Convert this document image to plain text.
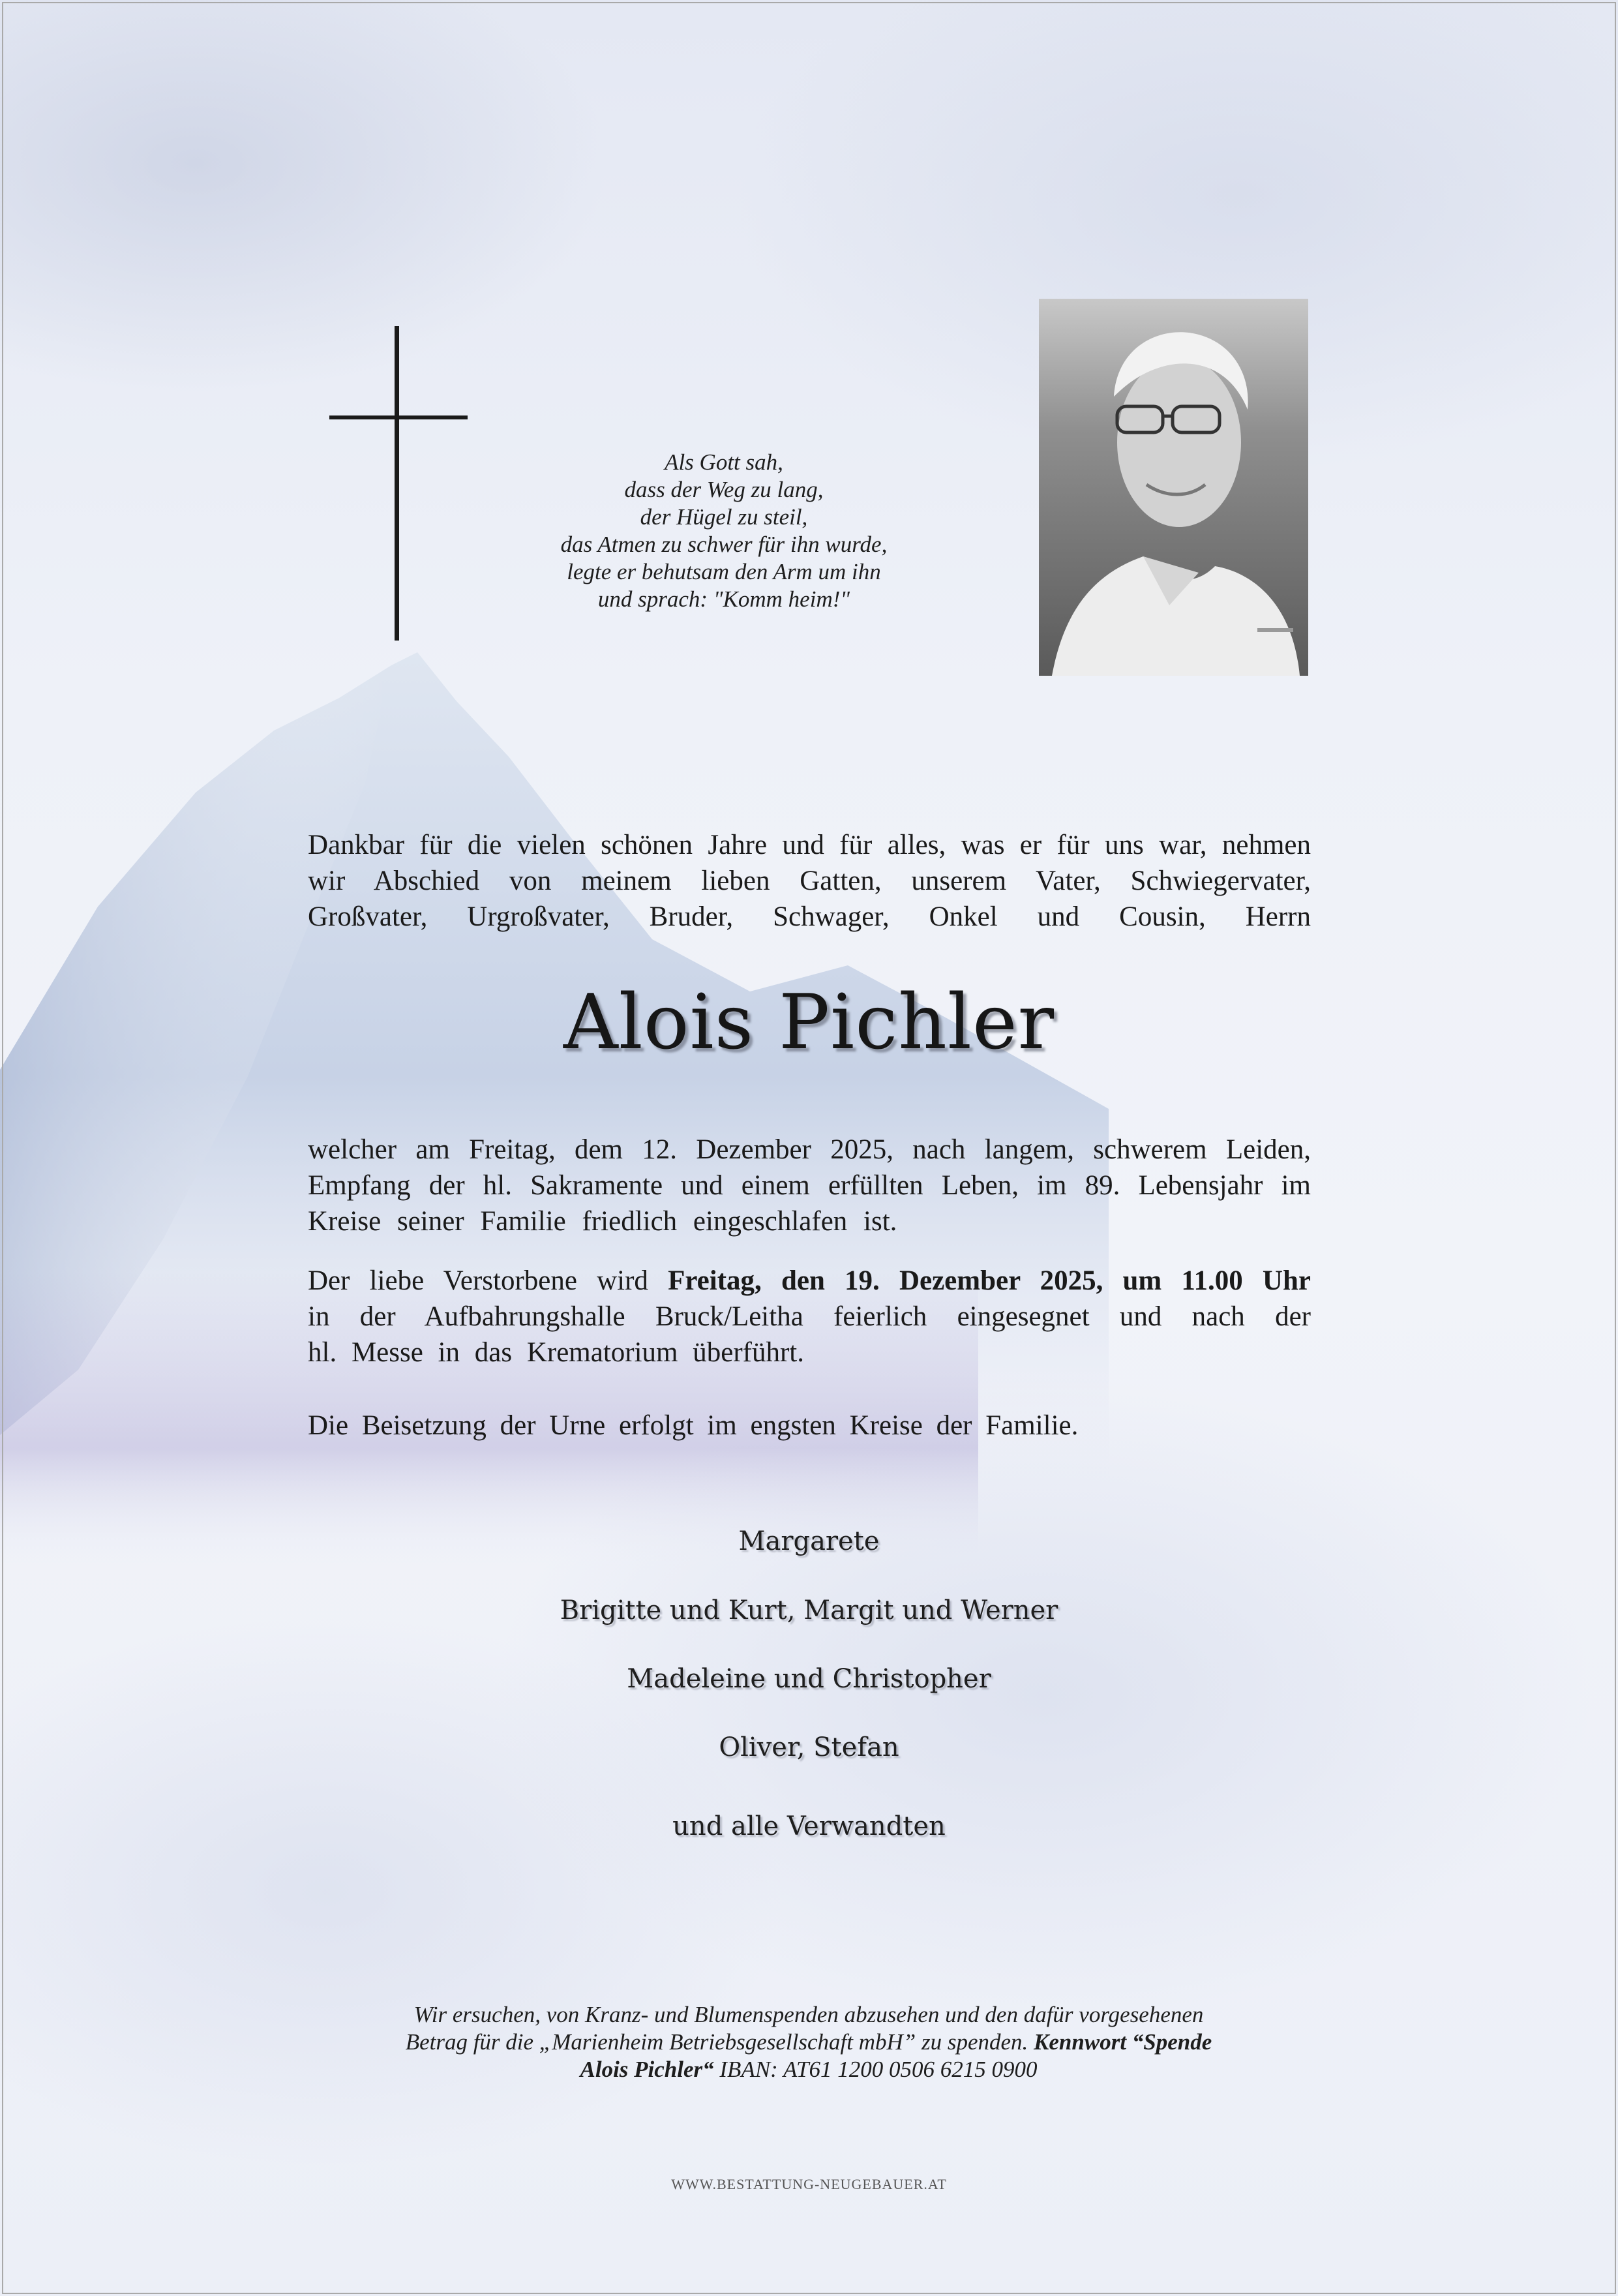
Als Gott sah,
dass der Weg zu lang,
der Hügel zu steil,
das Atmen zu schwer für ihn wurde,
legte er behutsam den Arm um ihn
und sprach: "Komm heim!"
Dankbar für die vielen schönen Jahre und für alles, was er für uns war, nehmen
wir Abschied von meinem lieben Gatten, unserem Vater, Schwiegervater,
Großvater, Urgroßvater, Bruder, Schwager, Onkel und Cousin, Herrn
Alois Pichler
welcher am Freitag, dem 12. Dezember 2025, nach langem, schwerem Leiden,
Empfang der hl. Sakramente und einem erfüllten Leben, im 89. Lebensjahr im
Kreise seiner Familie friedlich eingeschlafen ist.
Der liebe Verstorbene wird Freitag, den 19. Dezember 2025, um 11.00 Uhr
in der Aufbahrungshalle Bruck/Leitha feierlich eingesegnet und nach der
hl. Messe in das Krematorium überführt.
Die Beisetzung der Urne erfolgt im engsten Kreise der Familie.
Margarete
Brigitte und Kurt, Margit und Werner
Madeleine und Christopher
Oliver, Stefan
und alle Verwandten
Wir ersuchen, von Kranz- und Blumenspenden abzusehen und den dafür vorgesehenen
Betrag für die „Marienheim Betriebsgesellschaft mbH” zu spenden. Kennwort “Spende
Alois Pichler“ IBAN: AT61 1200 0506 6215 0900
WWW.BESTATTUNG-NEUGEBAUER.AT
